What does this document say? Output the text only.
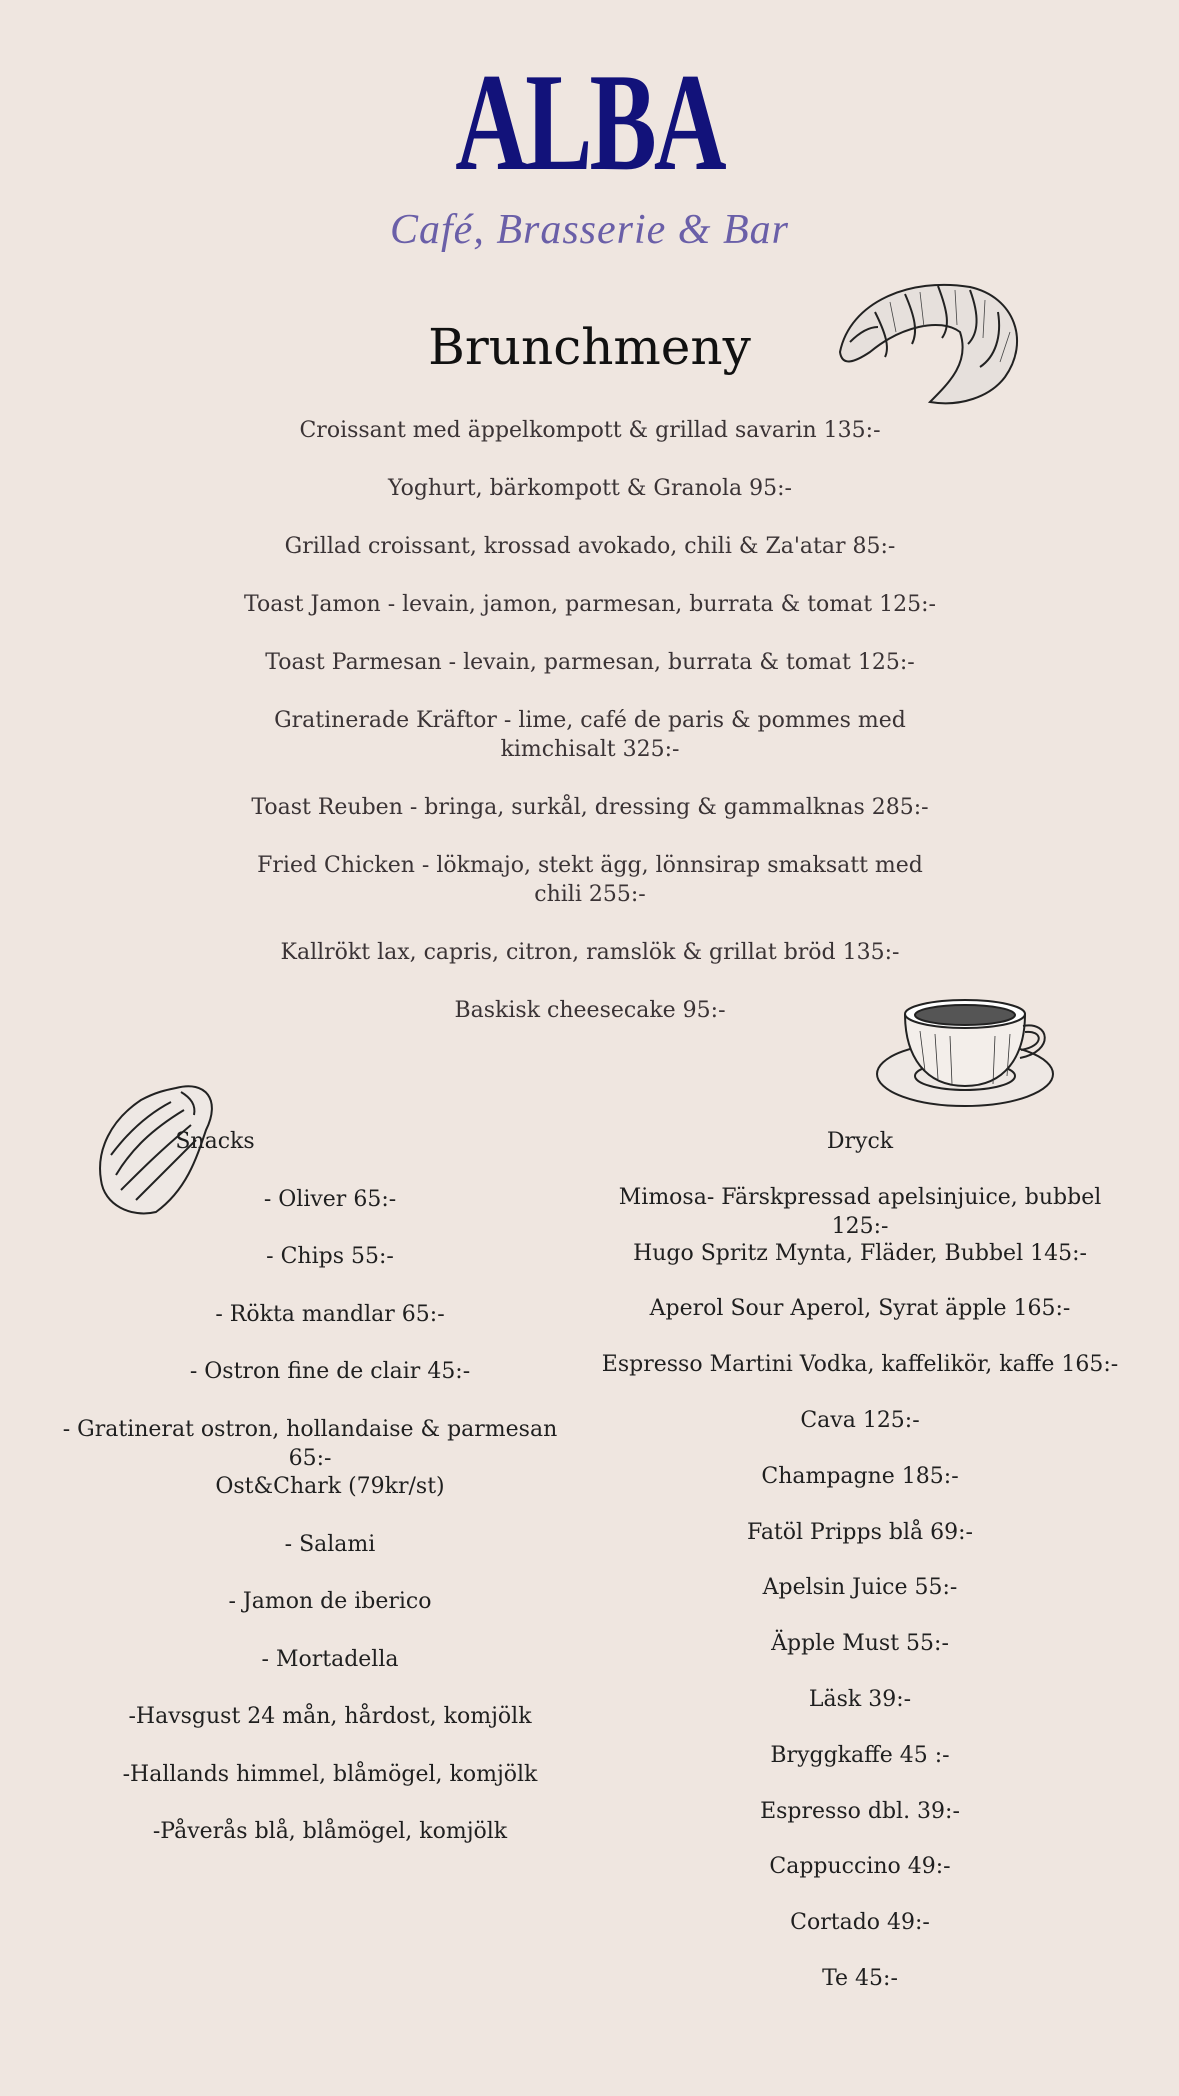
ALBA
Café, Brasserie & Bar
Brunchmeny
Croissant med äppelkompott & grillad savarin 135:-
Yoghurt, bärkompott & Granola 95:-
Grillad croissant, krossad avokado, chili & Za'atar 85:-
Toast Jamon - levain, jamon, parmesan, burrata & tomat 125:-
Toast Parmesan - levain, parmesan, burrata & tomat 125:-
Gratinerade Kräftor - lime, café de paris & pommes med kimchisalt 325:-
Toast Reuben - bringa, surkål, dressing & gammalknas 285:-
Fried Chicken - lökmajo, stekt ägg, lönnsirap smaksatt med chili 255:-
Kallrökt lax, capris, citron, ramslök & grillat bröd 135:-
Baskisk cheesecake 95:-
Snacks
- Oliver 65:-
- Chips 55:-
- Rökta mandlar 65:-
- Ostron fine de clair 45:-
- Gratinerat ostron, hollandaise & parmesan 65:-
Ost&Chark (79kr/st)
- Salami
- Jamon de iberico
- Mortadella
-Havsgust 24 mån, hårdost, komjölk
-Hallands himmel, blåmögel, komjölk
-Påverås blå, blåmögel, komjölk
Dryck
Mimosa- Färskpressad apelsinjuice, bubbel 125:-
Hugo Spritz Mynta, Fläder, Bubbel 145:-
Aperol Sour Aperol, Syrat äpple 165:-
Espresso Martini Vodka, kaffelikör, kaffe 165:-
Cava 125:-
Champagne 185:-
Fatöl Pripps blå 69:-
Apelsin Juice 55:-
Äpple Must 55:-
Läsk 39:-
Bryggkaffe 45 :-
Espresso dbl. 39:-
Cappuccino 49:-
Cortado 49:-
Te 45:-
